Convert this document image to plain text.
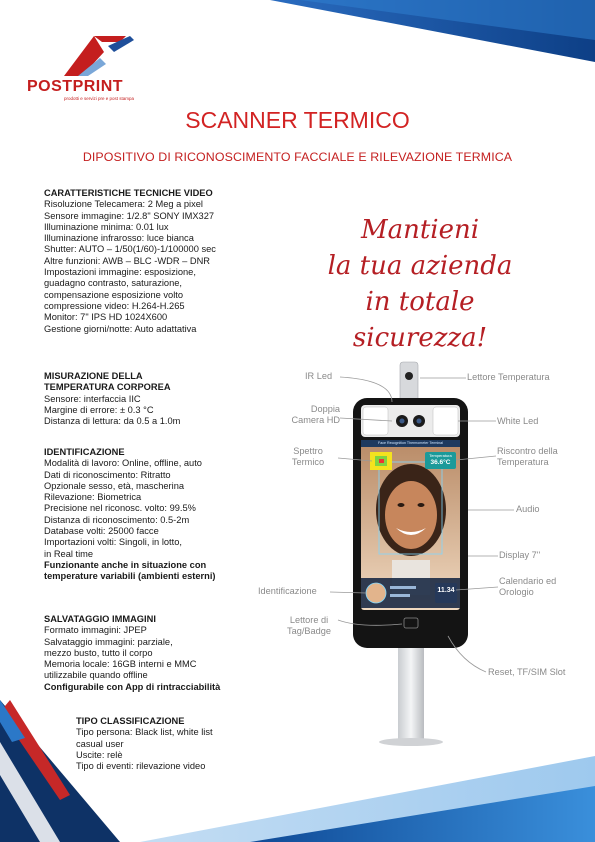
POSTPRINT
prodotti e servizi pre e post stampa
SCANNER TERMICO
DIPOSITIVO DI RICONOSCIMENTO FACCIALE E RILEVAZIONE TERMICA
CARATTERISTICHE TECNICHE VIDEO
Risoluzione Telecamera: 2 Meg a pixel
Sensore immagine: 1/2.8" SONY IMX327
Illuminazione minima: 0.01 lux
Illuminazione infrarosso: luce bianca
Shutter: AUTO – 1/50(1/60)-1/100000 sec
Altre funzioni: AWB – BLC -WDR – DNR
Impostazioni immagine: esposizione,
guadagno contrasto, saturazione,
compensazione esposizione volto
compressione video: H.264-H.265
Monitor: 7" IPS HD 1024X600
Gestione giorni/notte: Auto adattativa
MISURAZIONE DELLA
TEMPERATURA CORPOREA
Sensore: interfaccia IIC
Margine di errore: ± 0.3 °C
Distanza di lettura: da 0.5 a 1.0m
IDENTIFICAZIONE
Modalità di lavoro: Online, offline, auto
Dati di riconoscimento: Ritratto
Opzionale sesso, età, mascherina
Rilevazione: Biometrica
Precisione nel riconosc. volto: 99.5%
Distanza di riconoscimento: 0.5-2m
Database volti: 25000 facce
Importazioni volti: Singoli, in lotto,
in Real time
Funzionante anche in situazione con
temperature variabili (ambienti esterni)
SALVATAGGIO IMMAGINI
Formato immagini: JPEP
Salvataggio immagini: parziale,
mezzo busto, tutto il corpo
Memoria locale: 16GB interni e MMC
utilizzabile quando offline
Configurabile con App di rintracciabilità
TIPO CLASSIFICAZIONE
Tipo persona: Black list, white list
casual user
Uscite: relè
Tipo di eventi: rilevazione video
Mantieni
la tua azienda
in totale sicurezza!
Face Recognition Thermometer Terminal
Temperatura
36.6°C
11.34
IR Led	Lettore Temperatura
Doppia
Camera HD	White Led
Spettro
Termico
Riscontro della
Temperatura
Audio
Display 7''
Identificazione
Calendario ed
Orologio
Lettore di
Tag/Badge
Reset, TF/SIM Slot
